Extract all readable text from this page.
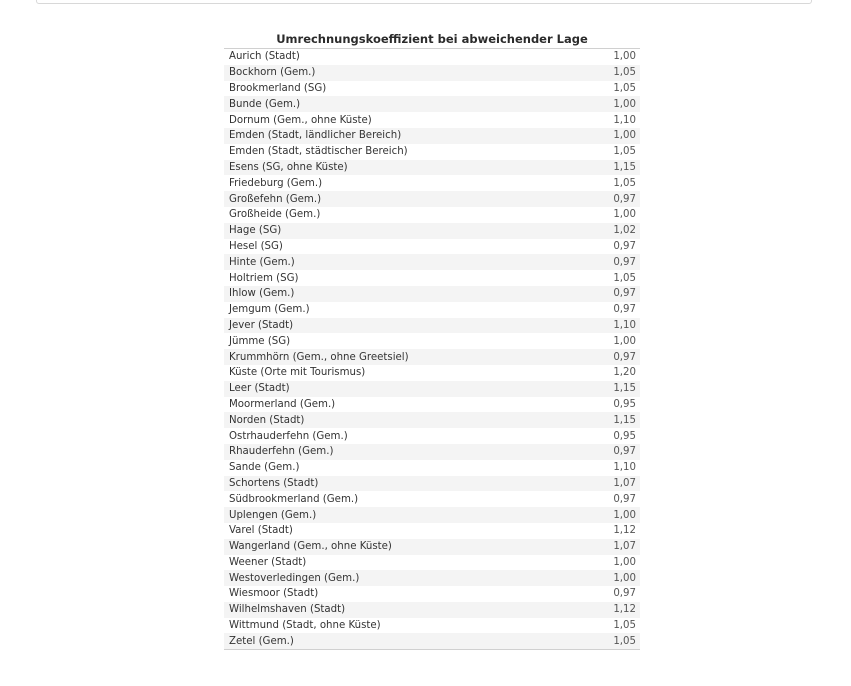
Umrechnungskoeffizient bei abweichender Lage
Aurich (Stadt)	1,00
Bockhorn (Gem.)	1,05
Brookmerland (SG)	1,05
Bunde (Gem.)	1,00
Dornum (Gem., ohne Küste)	1,10
Emden (Stadt, ländlicher Bereich)	1,00
Emden (Stadt, städtischer Bereich)	1,05
Esens (SG, ohne Küste)	1,15
Friedeburg (Gem.)	1,05
Großefehn (Gem.)	0,97
Großheide (Gem.)	1,00
Hage (SG)	1,02
Hesel (SG)	0,97
Hinte (Gem.)	0,97
Holtriem (SG)	1,05
Ihlow (Gem.)	0,97
Jemgum (Gem.)	0,97
Jever (Stadt)	1,10
Jümme (SG)	1,00
Krummhörn (Gem., ohne Greetsiel)	0,97
Küste (Orte mit Tourismus)	1,20
Leer (Stadt)	1,15
Moormerland (Gem.)	0,95
Norden (Stadt)	1,15
Ostrhauderfehn (Gem.)	0,95
Rhauderfehn (Gem.)	0,97
Sande (Gem.)	1,10
Schortens (Stadt)	1,07
Südbrookmerland (Gem.)	0,97
Uplengen (Gem.)	1,00
Varel (Stadt)	1,12
Wangerland (Gem., ohne Küste)	1,07
Weener (Stadt)	1,00
Westoverledingen (Gem.)	1,00
Wiesmoor (Stadt)	0,97
Wilhelmshaven (Stadt)	1,12
Wittmund (Stadt, ohne Küste)	1,05
Zetel (Gem.)	1,05
